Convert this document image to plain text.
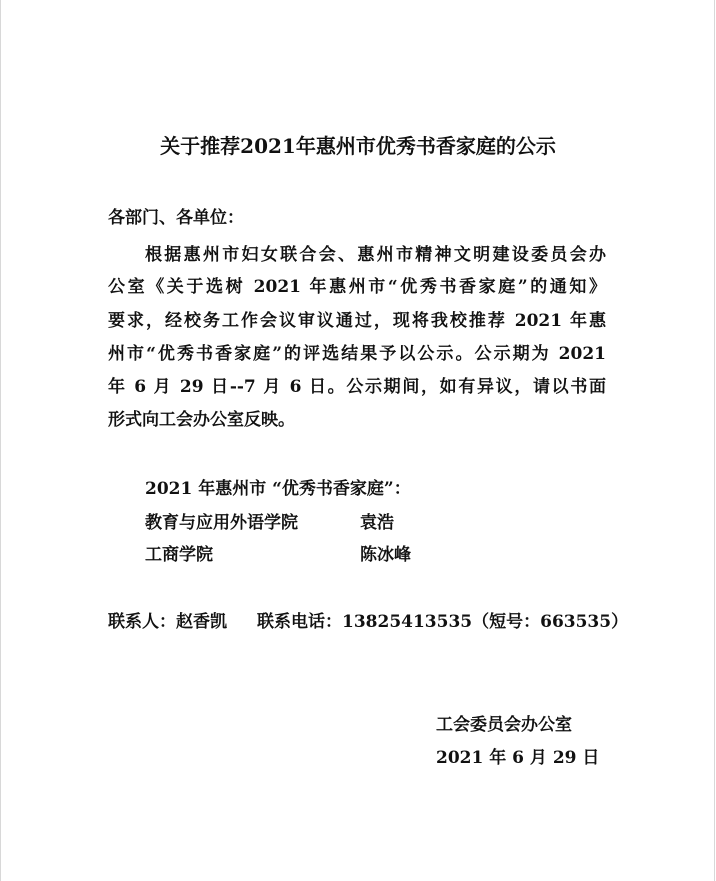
关于推荐2021年惠州市优秀书香家庭的公示
各部门、各单位：
根据惠州市妇女联合会、惠州市精神文明建设委员会办
公室《关于选树 2021 年惠州市“优秀书香家庭”的通知》
要求，经校务工作会议审议通过，现将我校推荐 2021 年惠
州市“优秀书香家庭”的评选结果予以公示。公示期为 2021
年 6 月 29 日--7 月 6 日。公示期间，如有异议，请以书面
形式向工会办公室反映。
2021 年惠州市 “优秀书香家庭”：
教育与应用外语学院	袁浩
工商学院	陈冰峰
联系人：赵香凯 联系电话：13825413535（短号：663535）
工会委员会办公室
2021 年 6 月 29 日
